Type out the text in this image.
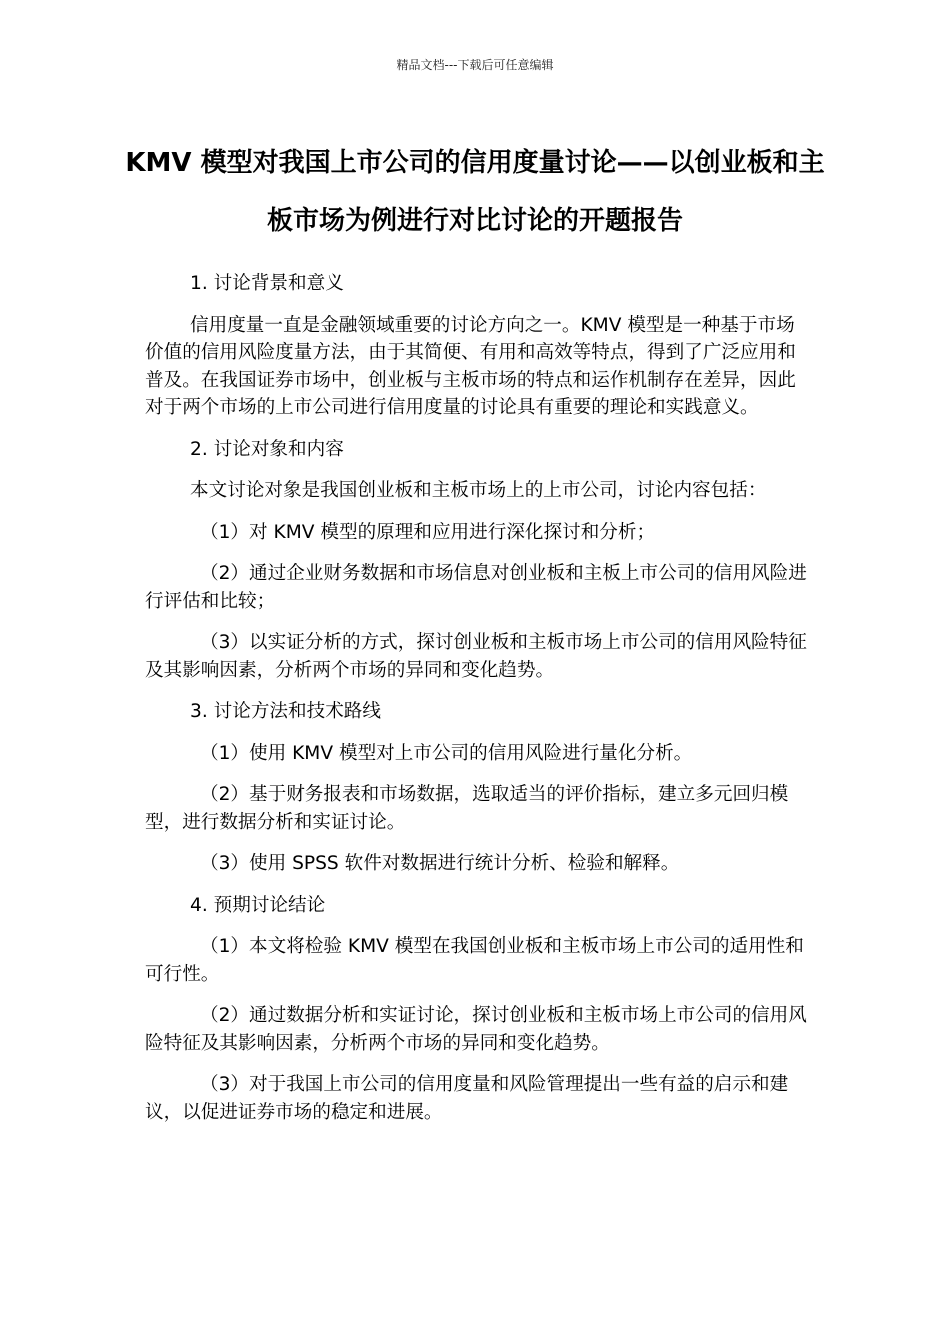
精品文档---下载后可任意编辑
KMV 模型对我国上市公司的信用度量讨论——以创业板和主板市场为例进行对比讨论的开题报告

1. 讨论背景和意义

信用度量一直是金融领域重要的讨论方向之一。KMV 模型是一种基于市场价值的信用风险度量方法，由于其简便、有用和高效等特点，得到了广泛应用和普及。在我国证券市场中，创业板与主板市场的特点和运作机制存在差异，因此对于两个市场的上市公司进行信用度量的讨论具有重要的理论和实践意义。

2. 讨论对象和内容

本文讨论对象是我国创业板和主板市场上的上市公司，讨论内容包括：

（1）对 KMV 模型的原理和应用进行深化探讨和分析；

（2）通过企业财务数据和市场信息对创业板和主板上市公司的信用风险进行评估和比较；

（3）以实证分析的方式，探讨创业板和主板市场上市公司的信用风险特征及其影响因素，分析两个市场的异同和变化趋势。

3. 讨论方法和技术路线

（1）使用 KMV 模型对上市公司的信用风险进行量化分析。

（2）基于财务报表和市场数据，选取适当的评价指标，建立多元回归模型，进行数据分析和实证讨论。

（3）使用 SPSS 软件对数据进行统计分析、检验和解释。

4. 预期讨论结论

（1）本文将检验 KMV 模型在我国创业板和主板市场上市公司的适用性和可行性。

（2）通过数据分析和实证讨论，探讨创业板和主板市场上市公司的信用风险特征及其影响因素，分析两个市场的异同和变化趋势。

（3）对于我国上市公司的信用度量和风险管理提出一些有益的启示和建议，以促进证券市场的稳定和进展。
